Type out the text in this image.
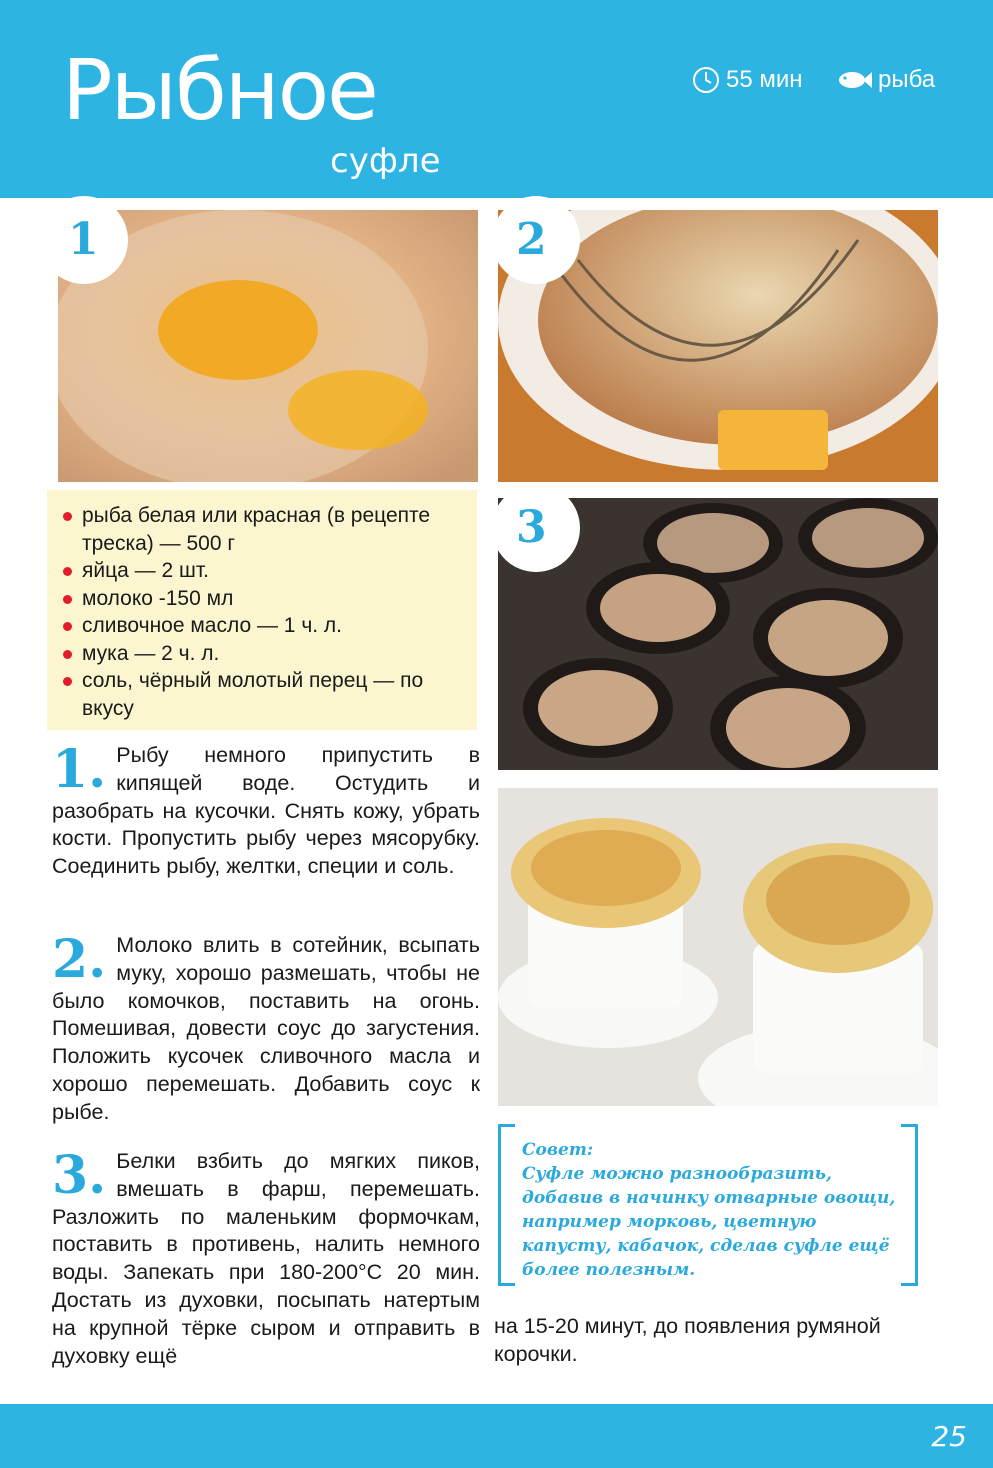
Рыбное
суфле
55 мин	рыба
1	2
3
рыба белая или красная (в рецепте треска) — 500 г
яйца — 2 шт.
молоко -150 мл
сливочное масло — 1 ч. л.
мука — 2 ч. л.
соль, чёрный молотый перец — по вкусу
1. Рыбу немного припустить в кипящей воде. Остудить и разобрать на кусочки. Снять кожу, убрать кости. Пропустить рыбу через мясорубку. Соединить рыбу, желтки, специи и соль.

2. Молоко влить в сотейник, всыпать муку, хорошо размешать, чтобы не было комочков, поставить на огонь. Помешивая, довести соус до загустения. Положить кусочек сливочного масла и хорошо перемешать. Добавить соус к рыбе.

3. Белки взбить до мягких пиков, вмешать в фарш, перемешать. Разложить по маленьким формочкам, поставить в противень, налить немного воды. Запекать при 180-200°С 20 мин. Достать из духовки, посыпать натертым на крупной тёрке сыром и отправить в духовку ещё

Совет:
Суфле можно разнообразить, добавив в начинку отварные овощи, например морковь, цветную капусту, кабачок, сделав суфле ещё более полезным.
на 15-20 минут, до появления румяной корочки.
25
